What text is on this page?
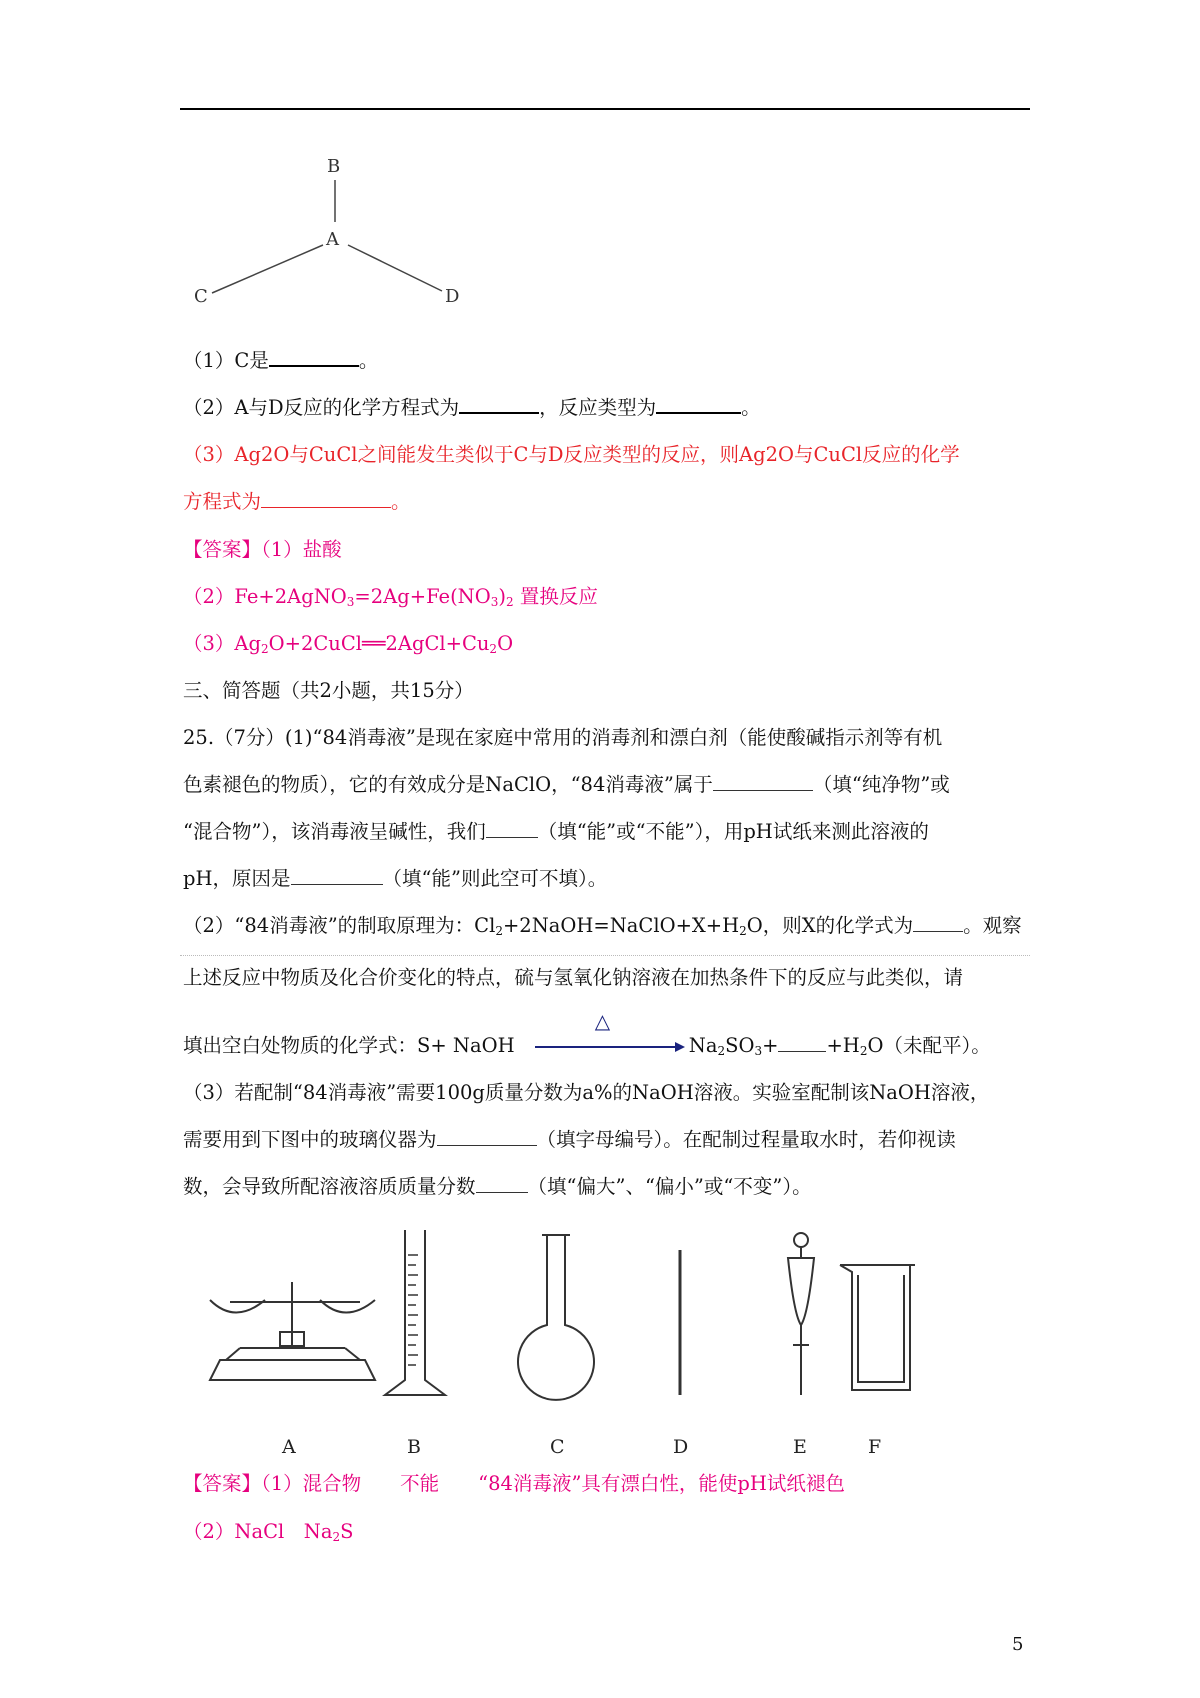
B
A
C	D
（1）C是	。
（2）A与D反应的化学方程式为	，反应类型为	。
（3）Ag2O与CuCl之间能发生类似于C与D反应类型的反应，则Ag2O与CuCl反应的化学
方程式为	。
【答案】（1）盐酸
$(2)Fe+2AgNO_3=2Ag+Fe(NO_3)_2$ 置换反应
$(3)Ag_2O+2CuCl══2AgCl+Cu_2O$
三、简答题（共2小题，共15分）
25.（7分）(1)“84消毒液”是现在家庭中常用的消毒剂和漂白剂（能使酸碱指示剂等有机
色素褪色的物质），它的有效成分是NaClO，“84消毒液”属于	（填“纯净物”或
“混合物”），该消毒液呈碱性，我们	（填“能”或“不能”），用pH试纸来测此溶液的
pH，原因是	（填“能”则此空可不填）。
（2）“84消毒液”的制取原理为：$Cl_2+2NaOH=NaClO+X+H_2O$，则X的化学式为	。观察
上述反应中物质及化合价变化的特点，硫与氢氧化钠溶液在加热条件下的反应与此类似，请
填出空白处物质的化学式：S+ NaOH
△
$Na_2SO_3+ +H_2O$（未配平）。
（3）若配制“84消毒液”需要100g质量分数为a%的NaOH溶液。实验室配制该NaOH溶液，
需要用到下图中的玻璃仪器为	（填字母编号）。在配制过程量取水时，若仰视读
数，会导致所配溶液溶质质量分数	（填“偏大”、“偏小”或“不变”）。
A	B	C	D	E	F
【答案】（1）混合物　　不能　　“84消毒液”具有漂白性，能使pH试纸褪色
（2）NaCl　$Na_2S$
5
